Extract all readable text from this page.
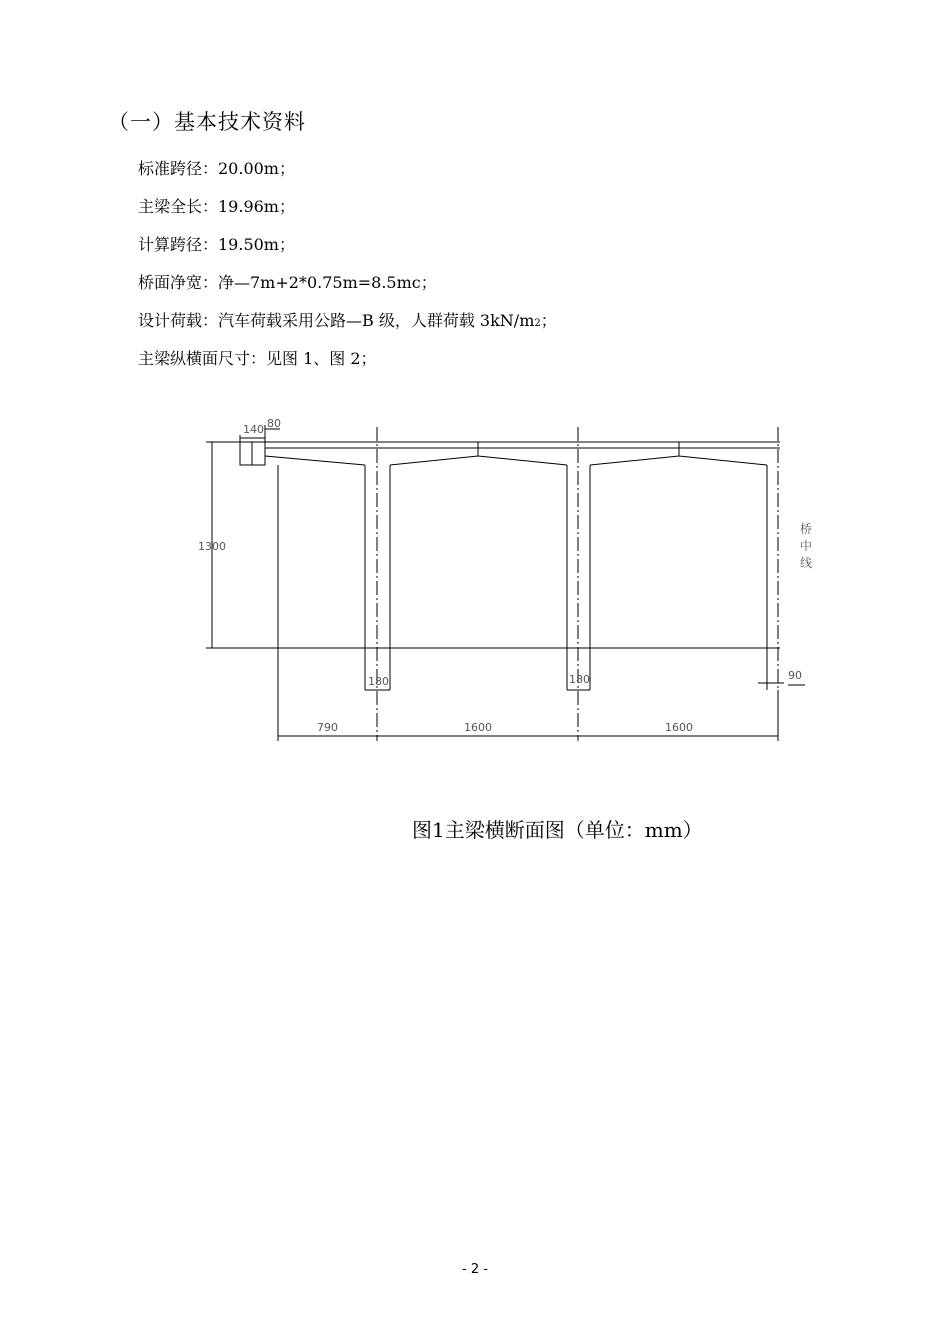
（一）基本技术资料
标准跨径：20.00m；
主梁全长：19.96m；
计算跨径：19.50m；
桥面净宽：净—7m+2*0.75m=8.5mc；
设计荷载：汽车荷载采用公路—B 级，人群荷载 3kN/m2；
主梁纵横面尺寸：见图 1、图 2；
140 80
1300
180	180	90
790	1600	1600
桥
中
线
图1主梁横断面图（单位：mm）
- 2 -
